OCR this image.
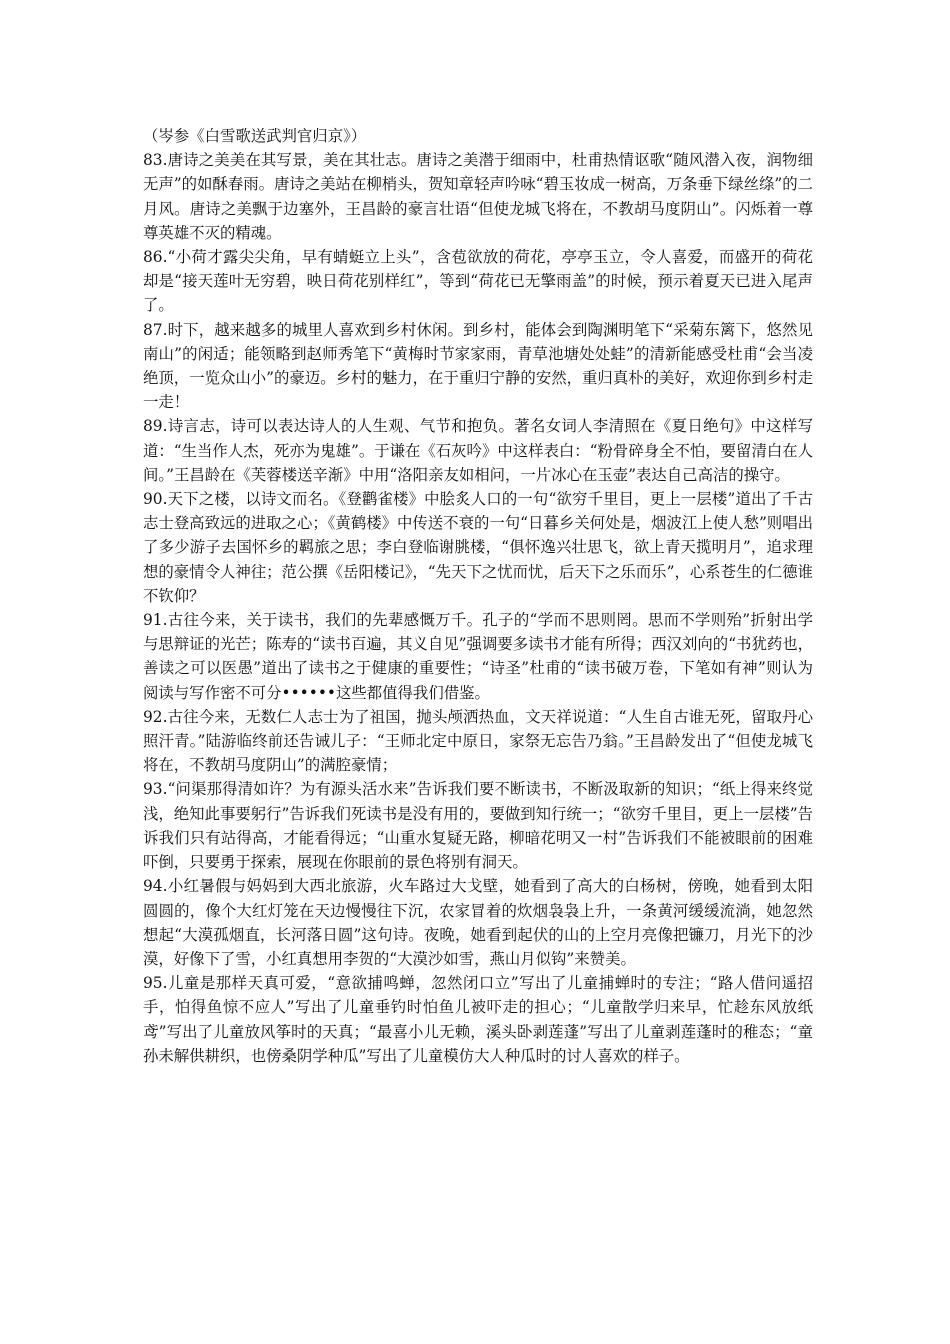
（岑参《白雪歌送武判官归京》）

83.唐诗之美美在其写景，美在其壮志。唐诗之美潜于细雨中，杜甫热情讴歌“随风潜入夜，润物细无声”的如酥春雨。唐诗之美站在柳梢头，贺知章轻声吟咏“碧玉妆成一树高，万条垂下绿丝绦”的二月风。唐诗之美飘于边塞外，王昌龄的豪言壮语“但使龙城飞将在，不教胡马度阴山”。闪烁着一尊尊英雄不灭的精魂。

86.“小荷才露尖尖角，早有蜻蜓立上头”，含苞欲放的荷花，亭亭玉立，令人喜爱，而盛开的荷花却是“接天莲叶无穷碧，映日荷花别样红”，等到“荷花已无擎雨盖”的时候，预示着夏天已进入尾声了。

87.时下，越来越多的城里人喜欢到乡村休闲。到乡村，能体会到陶渊明笔下“采菊东篱下，悠然见南山”的闲适；能领略到赵师秀笔下“黄梅时节家家雨，青草池塘处处蛙”的清新能感受杜甫“会当凌绝顶，一览众山小”的豪迈。乡村的魅力，在于重归宁静的安然，重归真朴的美好，欢迎你到乡村走一走！

89.诗言志，诗可以表达诗人的人生观、气节和抱负。著名女词人李清照在《夏日绝句》中这样写道：“生当作人杰，死亦为鬼雄”。于谦在《石灰吟》中这样表白：“粉骨碎身全不怕，要留清白在人间。”王昌龄在《芙蓉楼送辛渐》中用“洛阳亲友如相问，一片冰心在玉壶”表达自己高洁的操守。

90.天下之楼，以诗文而名。《登鹳雀楼》中脍炙人口的一句“欲穷千里目，更上一层楼”道出了千古志士登高致远的进取之心；《黄鹤楼》中传送不衰的一句“日暮乡关何处是，烟波江上使人愁”则唱出了多少游子去国怀乡的羁旅之思；李白登临谢朓楼，“俱怀逸兴壮思飞，欲上青天揽明月”，追求理想的豪情令人神往；范公撰《岳阳楼记》，“先天下之忧而忧，后天下之乐而乐”，心系苍生的仁德谁不钦仰？

91.古往今来，关于读书，我们的先辈感慨万千。孔子的“学而不思则罔。思而不学则殆”折射出学与思辩证的光芒；陈寿的“读书百遍，其义自见”强调要多读书才能有所得；西汉刘向的“书犹药也，善读之可以医愚”道出了读书之于健康的重要性；“诗圣”杜甫的“读书破万卷，下笔如有神”则认为阅读与写作密不可分••••••这些都值得我们借鉴。

92.古往今来，无数仁人志士为了祖国，抛头颅洒热血，文天祥说道：“人生自古谁无死，留取丹心照汗青。”陆游临终前还告诫儿子：“王师北定中原日，家祭无忘告乃翁。”王昌龄发出了“但使龙城飞将在，不教胡马度阴山”的满腔豪情；

93.“问渠那得清如许？为有源头活水来”告诉我们要不断读书，不断汲取新的知识；“纸上得来终觉浅，绝知此事要躬行”告诉我们死读书是没有用的，要做到知行统一；“欲穷千里目，更上一层楼”告诉我们只有站得高，才能看得远；“山重水复疑无路，柳暗花明又一村”告诉我们不能被眼前的困难吓倒，只要勇于探索，展现在你眼前的景色将别有洞天。

94.小红暑假与妈妈到大西北旅游，火车路过大戈壁，她看到了高大的白杨树，傍晚，她看到太阳圆圆的，像个大红灯笼在天边慢慢往下沉，农家冒着的炊烟袅袅上升，一条黄河缓缓流淌，她忽然想起“大漠孤烟直，长河落日圆”这句诗。夜晚，她看到起伏的山的上空月亮像把镰刀，月光下的沙漠，好像下了雪，小红真想用李贺的“大漠沙如雪，燕山月似钩”来赞美。

95.儿童是那样天真可爱，“意欲捕鸣蝉，忽然闭口立”写出了儿童捕蝉时的专注；“路人借问遥招手，怕得鱼惊不应人”写出了儿童垂钓时怕鱼儿被吓走的担心；“儿童散学归来早，忙趁东风放纸鸢”写出了儿童放风筝时的天真；“最喜小儿无赖，溪头卧剥莲蓬”写出了儿童剥莲蓬时的稚态；“童孙未解供耕织，也傍桑阴学种瓜”写出了儿童模仿大人种瓜时的讨人喜欢的样子。
